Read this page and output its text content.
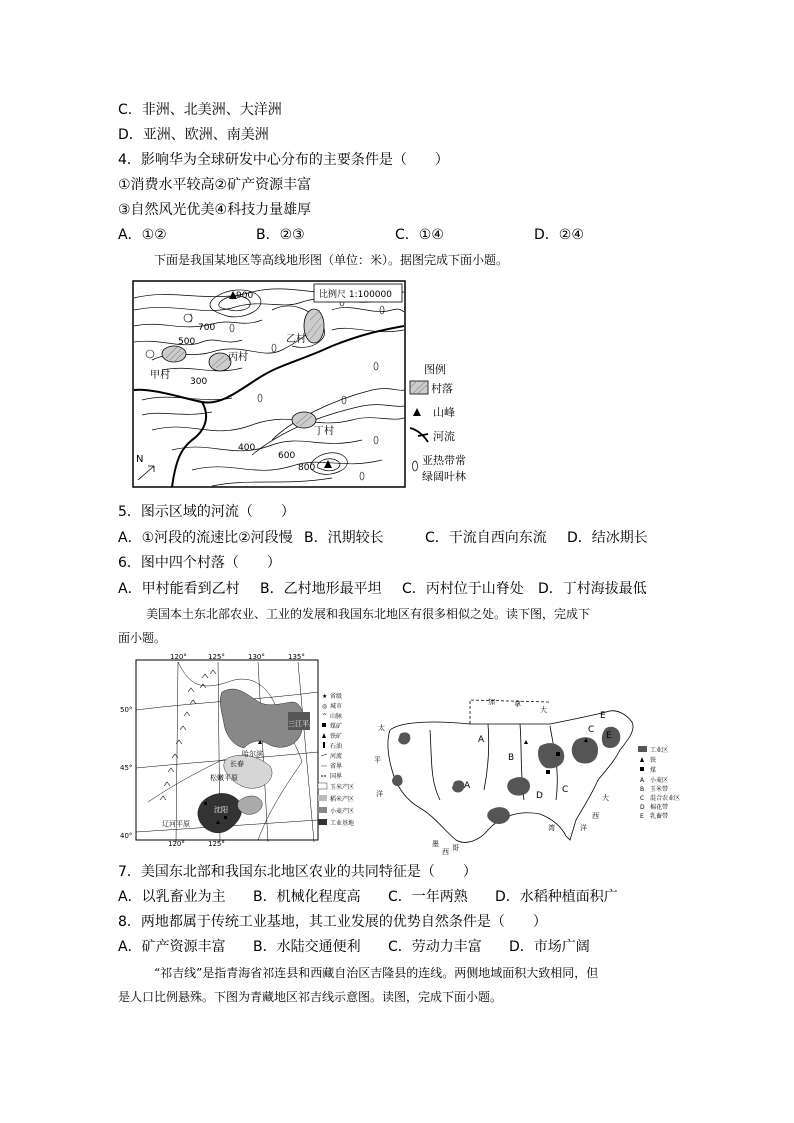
C．非洲、北美洲、大洋洲
D．亚洲、欧洲、南美洲
4．影响华为全球研发中心分布的主要条件是（　　）
①消费水平较高②矿产资源丰富
③自然风光优美④科技力量雄厚
A．①②	B．②③	C．①④	D．②④
下面是我国某地区等高线地形图（单位：米）。据图完成下面小题。
900
700
500
300
400
600
800
甲村
乙村
丙村
丁村
比例尺 1:100000
N
图例
村落
山峰
河流
亚热带常
绿阔叶林
5．图示区域的河流（　　）
A．①河段的流速比②河段慢 B．汛期较长	C．干流自西向东流 D．结冰期长
6．图中四个村落（　　）
A．甲村能看到乙村 B．乙村地形最平坦 C．丙村位于山脊处 D．丁村海拔最低
美国本土东北部农业、工业的发展和我国东北地区有很多相似之处。读下图，完成下
面小题。
120°	125°	130°	135°
50°
45°
40°
120°	125°
松嫩平原
三江平原
哈尔滨
长春
沈阳
辽河平原
★ 省级
◎ 城市
^ 山脉
煤矿
铁矿
石油
河流
省界
国界
玉米产区
稻米产区
小麦产区
工业基地
A
B
A
D
E
C
C
E
加	拿
大
太
平
洋
墨
西 哥
湾
大
西
洋
工业区
铁
煤
A 小麦区
B 玉米带
C 混合农业区
D 棉花带
E 乳畜带
7．美国东北部和我国东北地区农业的共同特征是（　　）
A．以乳畜业为主 B．机械化程度高 C．一年两熟 D．水稻种植面积广
8．两地都属于传统工业基地，其工业发展的优势自然条件是（　　）
A．矿产资源丰富 B．水陆交通便利 C．劳动力丰富 D．市场广阔
“祁吉线”是指青海省祁连县和西藏自治区吉隆县的连线。两侧地域面积大致相同，但
是人口比例悬殊。下图为青藏地区祁吉线示意图。读图，完成下面小题。
